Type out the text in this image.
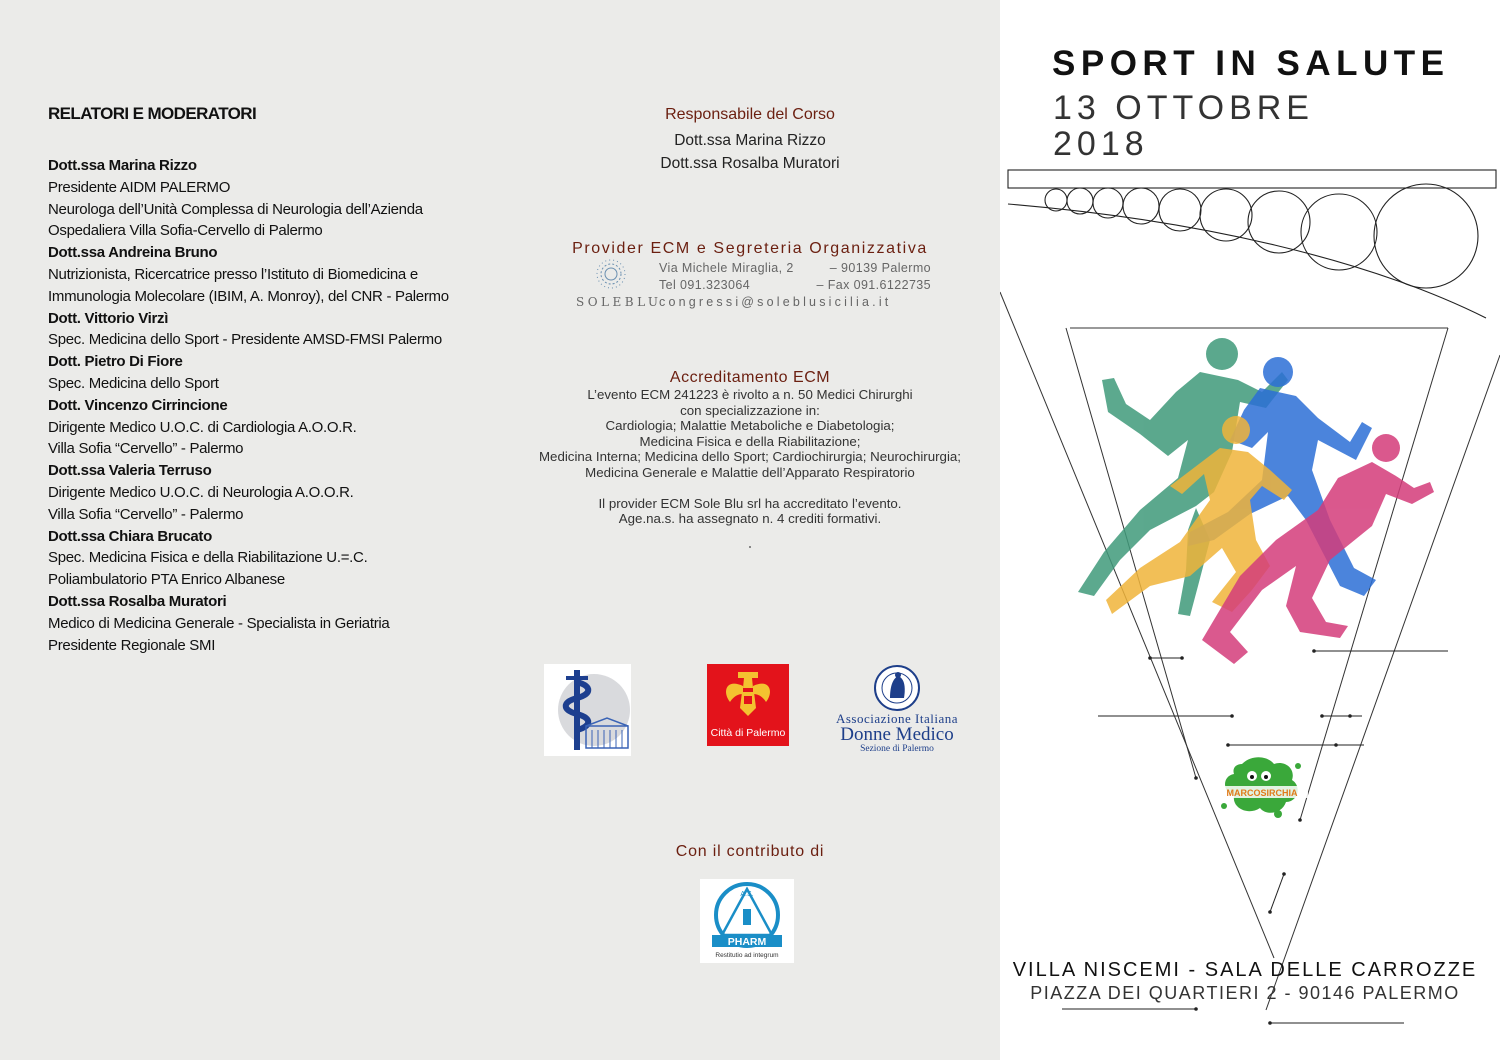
RELATORI E MODERATORI
Dott.ssa Marina Rizzo
Presidente AIDM PALERMO
Neurologa dell’Unità Complessa di Neurologia dell’Azienda
Ospedaliera Villa Sofia-Cervello di Palermo
Dott.ssa Andreina Bruno
Nutrizionista, Ricercatrice presso l’Istituto di Biomedicina e
Immunologia Molecolare (IBIM, A. Monroy), del CNR - Palermo
Dott. Vittorio Virzì
Spec. Medicina dello Sport - Presidente AMSD-FMSI Palermo
Dott. Pietro Di Fiore
Spec. Medicina dello Sport
Dott. Vincenzo Cirrincione
Dirigente Medico U.O.C. di Cardiologia A.O.O.R.
Villa Sofia “Cervello” - Palermo
Dott.ssa Valeria Terruso
Dirigente Medico U.O.C. di Neurologia A.O.O.R.
Villa Sofia “Cervello” - Palermo
Dott.ssa Chiara Brucato
Spec. Medicina Fisica e della Riabilitazione U.=.C.
Poliambulatorio PTA Enrico Albanese
Dott.ssa Rosalba Muratori
Medico di Medicina Generale - Specialista in Geriatria
Presidente Regionale SMI
Responsabile del Corso
Dott.ssa Marina Rizzo
Dott.ssa Rosalba Muratori
Provider ECM e Segreteria Organizzativa
SOLEBLU
Via Michele Miraglia, 2	– 90139 Palermo
Tel 091.323064	– Fax 091.6122735
congressi@soleblusicilia.it
Accreditamento ECM
L’evento ECM 241223 è rivolto a n. 50 Medici Chirurghi
con specializzazione in:
Cardiologia; Malattie Metaboliche e Diabetologia;
Medicina Fisica e della Riabilitazione;
Medicina Interna; Medicina dello Sport; Cardiochirurgia; Neurochirurgia;
Medicina Generale e Malattie dell’Apparato Respiratorio
Il provider ECM Sole Blu srl ha accreditato l’evento.
Age.na.s. ha assegnato n. 4 crediti formativi.
Città di Palermo
Associazione Italiana
Donne Medico
Sezione di Palermo
Con il contributo di
PHARM
Restitutio ad integrum
A.S.
SPORT IN SALUTE
13 OTTOBRE
2018
MARCOSIRCHIA
VILLA NISCEMI - SALA DELLE CARROZZE
PIAZZA DEI QUARTIERI 2 - 90146 PALERMO
